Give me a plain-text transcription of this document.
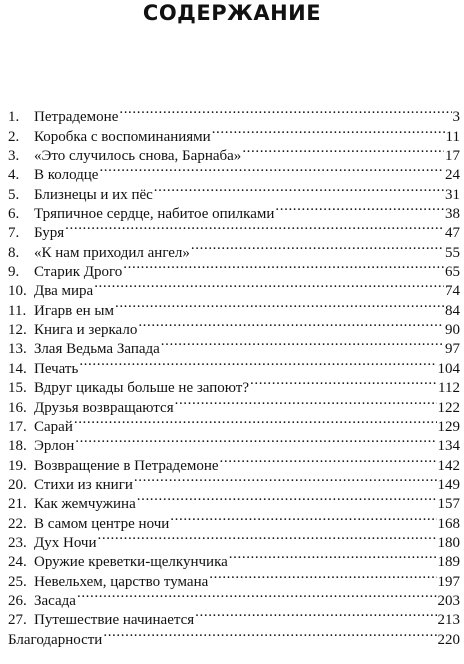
СОДЕРЖАНИЕ
1. Петрадемоне .....	3
2. Коробка с воспоминаниями .....	11
3. «Это случилось снова, Барнаба» .....	17
4. В колодце .....	24
5. Близнецы и их пёс .....	31
6. Тряпичное сердце, набитое опилками .....	38
7. Буря .....	47
8. «К нам приходил ангел» .....	55
9. Старик Дрого .....	65
10. Два мира .....	74
11. Игарв ен ым .....	84
12. Книга и зеркало .....	90
13. Злая Ведьма Запада .....	97
14. Печать .....	104
15. Вдруг цикады больше не запоют? .....	112
16. Друзья возвращаются .....	122
17. Сарай .....	129
18. Эрлон .....	134
19. Возвращение в Петрадемоне .....	142
20. Стихи из книги .....	149
21. Как жемчужина .....	157
22. В самом центре ночи .....	168
23. Дух Ночи .....	180
24. Оружие креветки-щелкунчика .....	189
25. Невельхем, царство тумана .....	197
26. Засада .....	203
27. Путешествие начинается .....	213
Благодарности .....	220
